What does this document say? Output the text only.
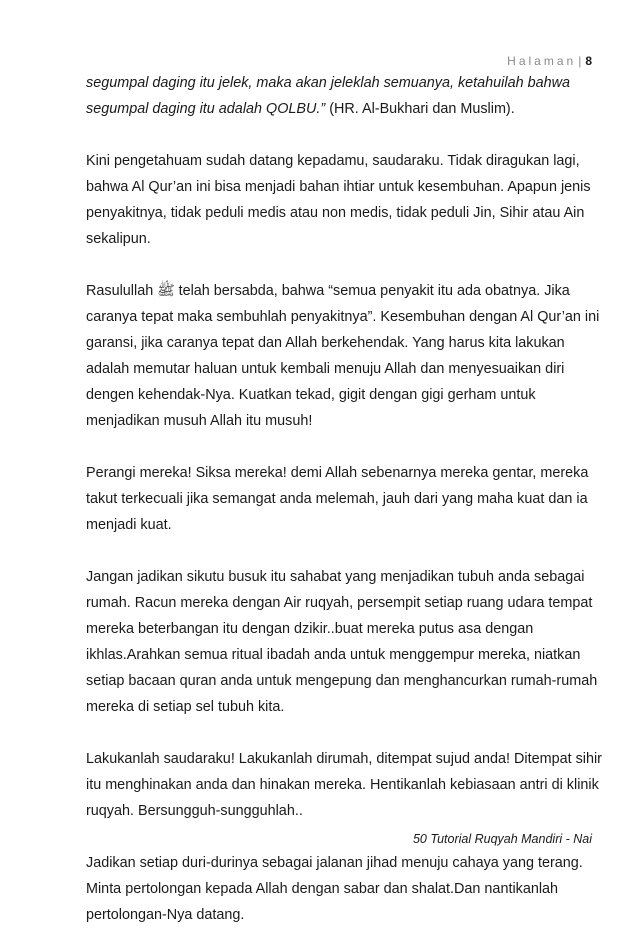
Halaman | 8

segumpal daging itu jelek, maka akan jeleklah semuanya, ketahuilah bahwa segumpal daging itu adalah QOLBU.” (HR. Al-Bukhari dan Muslim).

Kini pengetahuam sudah datang kepadamu, saudaraku. Tidak diragukan lagi, bahwa Al Qur’an ini bisa menjadi bahan ihtiar untuk kesembuhan. Apapun jenis penyakitnya, tidak peduli medis atau non medis, tidak peduli Jin, Sihir atau Ain sekalipun.

Rasulullah ﷺ telah bersabda, bahwa “semua penyakit itu ada obatnya. Jika caranya tepat maka sembuhlah penyakitnya”. Kesembuhan dengan Al Qur’an ini garansi, jika caranya tepat dan Allah berkehendak. Yang harus kita lakukan adalah memutar haluan untuk kembali menuju Allah dan menyesuaikan diri dengen kehendak-Nya. Kuatkan tekad, gigit dengan gigi gerham untuk menjadikan musuh Allah itu musuh!

Perangi mereka! Siksa mereka! demi Allah sebenarnya mereka gentar, mereka takut terkecuali jika semangat anda melemah, jauh dari yang maha kuat dan ia menjadi kuat.

Jangan jadikan sikutu busuk itu sahabat yang menjadikan tubuh anda sebagai rumah. Racun mereka dengan Air ruqyah, persempit setiap ruang udara tempat mereka beterbangan itu dengan dzikir..buat mereka putus asa dengan ikhlas.Arahkan semua ritual ibadah anda untuk menggempur mereka, niatkan setiap bacaan quran anda untuk mengepung dan menghancurkan rumah-rumah mereka di setiap sel tubuh kita.

Lakukanlah saudaraku! Lakukanlah dirumah, ditempat sujud anda! Ditempat sihir itu menghinakan anda dan hinakan mereka. Hentikanlah kebiasaan antri di klinik ruqyah. Bersungguh-sungguhlah..

Jadikan setiap duri-durinya sebagai jalanan jihad menuju cahaya yang terang. Minta pertolongan kepada Allah dengan sabar dan shalat.Dan nantikanlah pertolongan-Nya datang.

50 Tutorial Ruqyah Mandiri - Nai
